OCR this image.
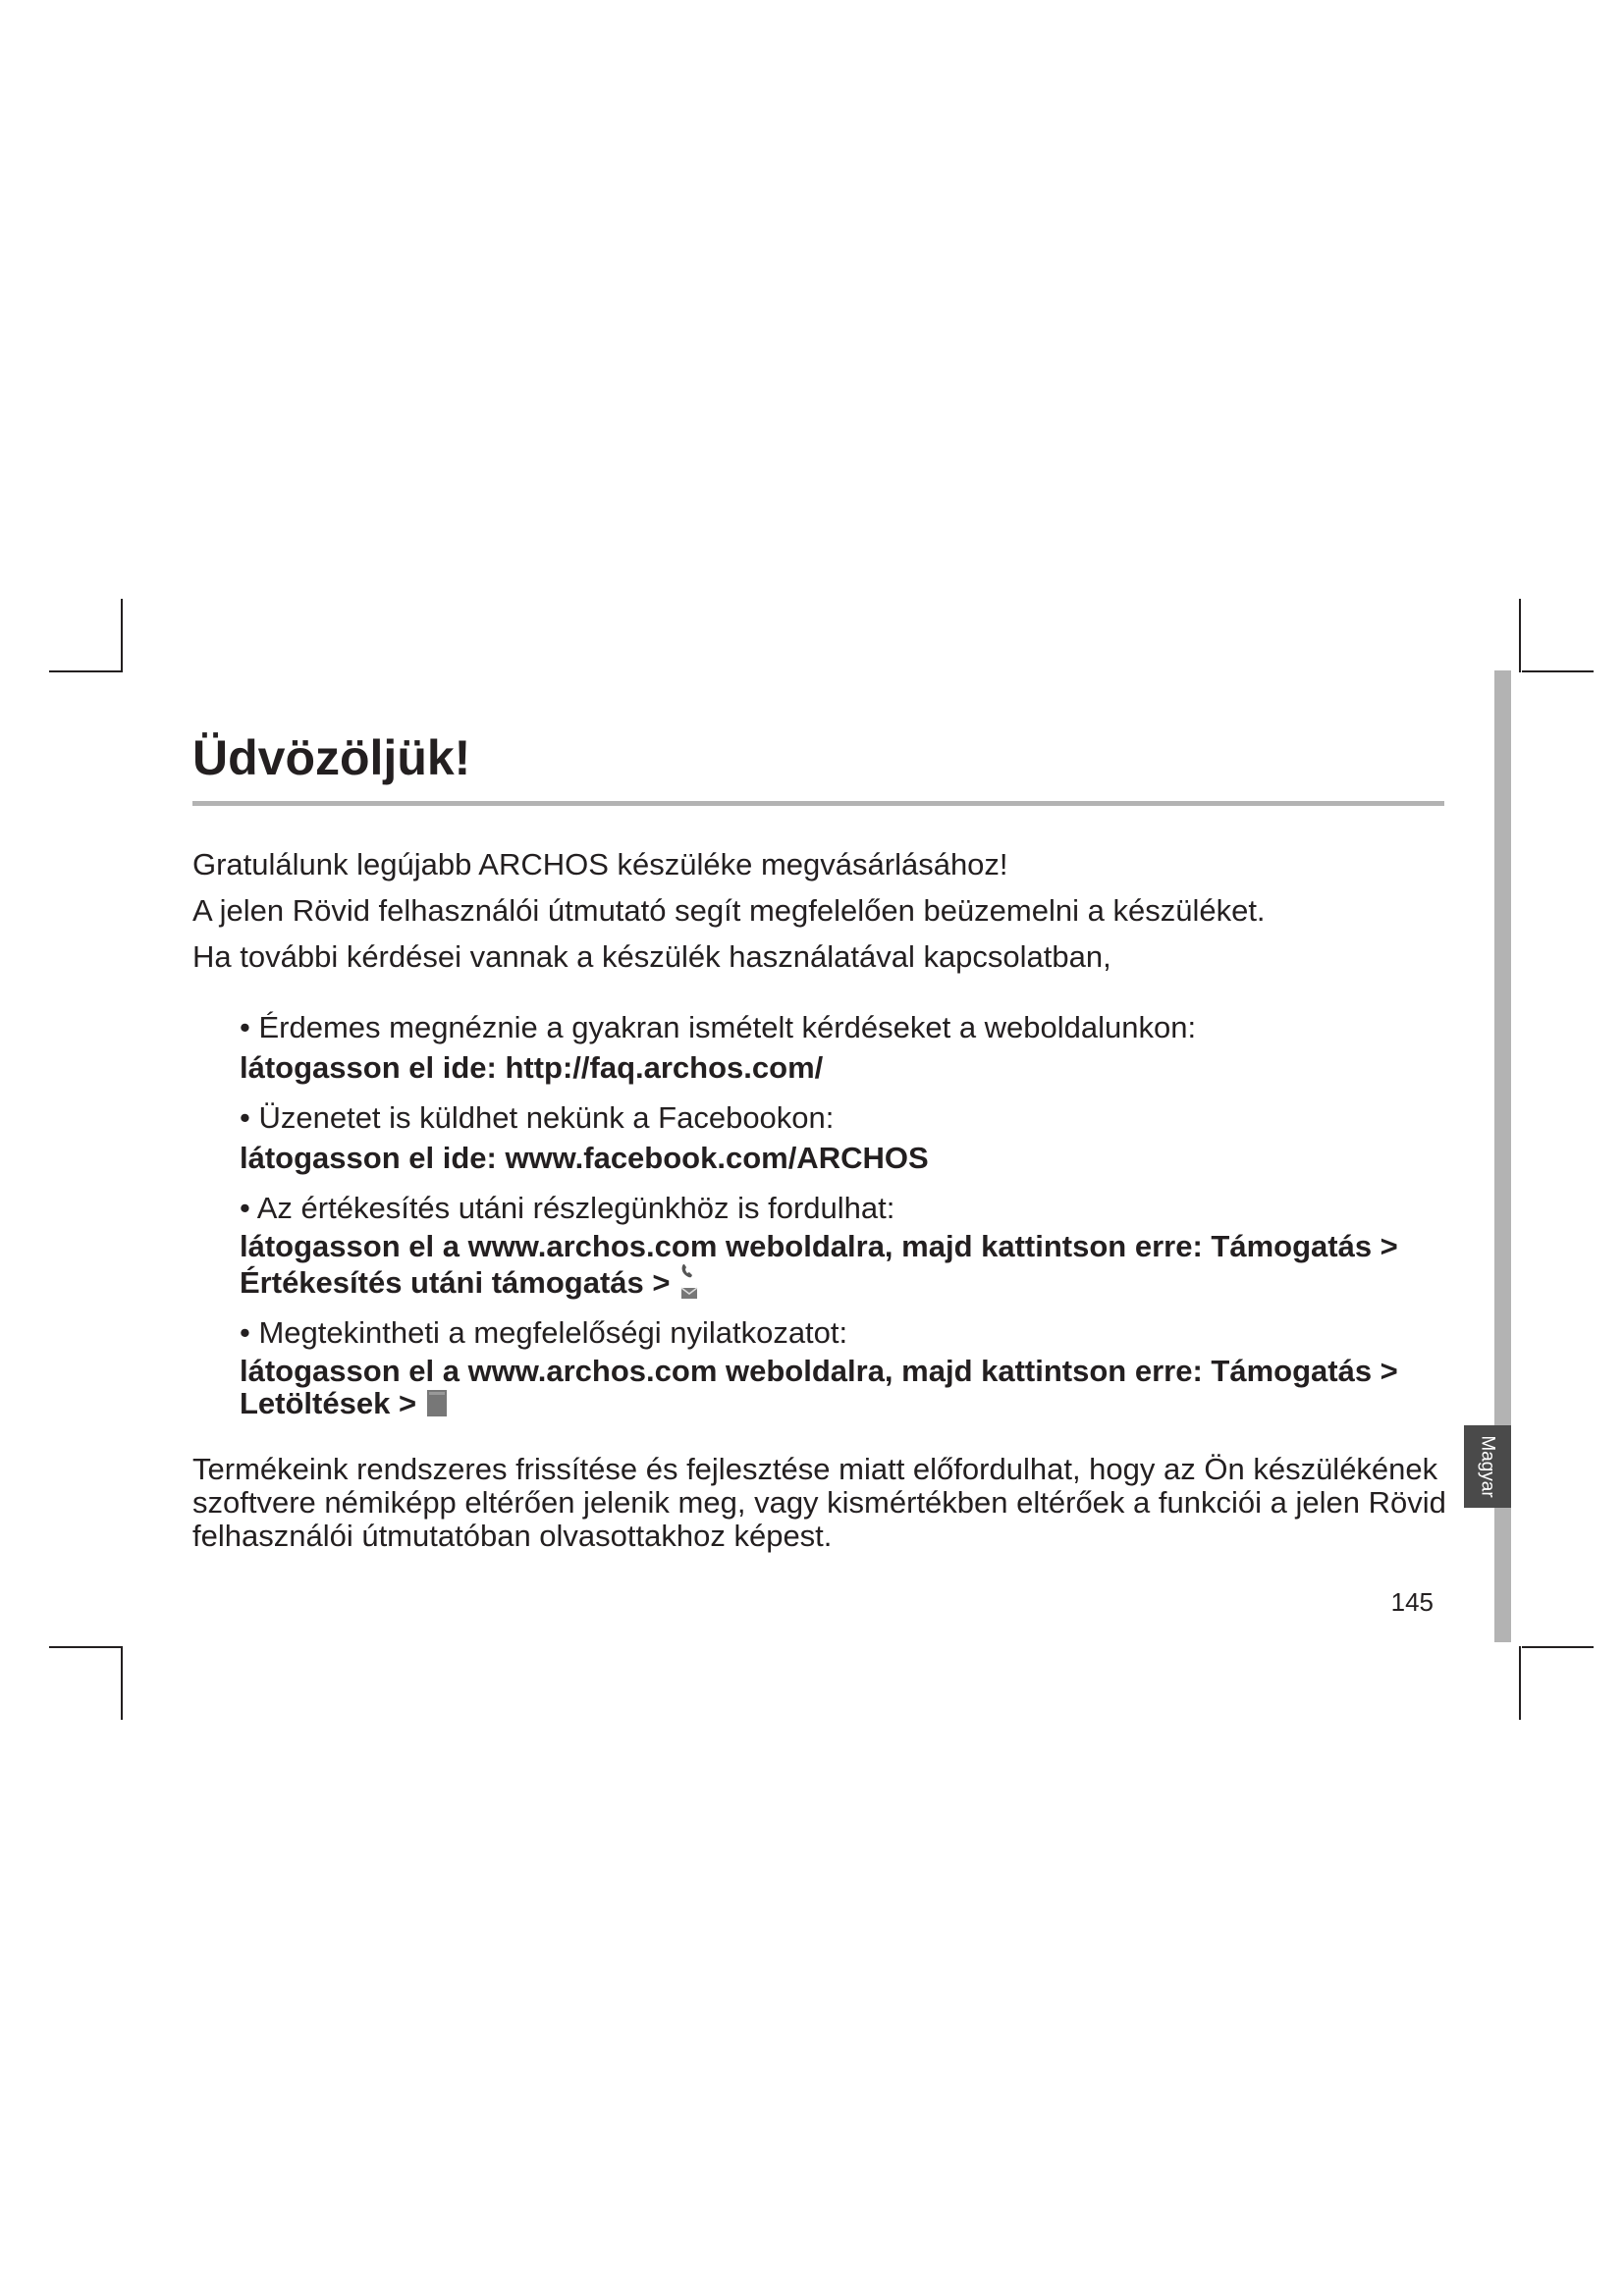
Magyar
Üdvözöljük!

Gratulálunk legújabb ARCHOS készüléke megvásárlásához!

A jelen Rövid felhasználói útmutató segít megfelelően beüzemelni a készüléket.

Ha további kérdései vannak a készülék használatával kapcsolatban,

• Érdemes megnéznie a gyakran ismételt kérdéseket a weboldalunkon:

látogasson el ide: http://faq.archos.com/

• Üzenetet is küldhet nekünk a Facebookon:

látogasson el ide: www.facebook.com/ARCHOS

• Az értékesítés utáni részlegünkhöz is fordulhat:

látogasson el a www.archos.com weboldalra, majd kattintson erre: Támogatás > Értékesítés utáni támogatás >

• Megtekintheti a megfelelőségi nyilatkozatot:

látogasson el a www.archos.com weboldalra, majd kattintson erre: Támogatás > Letöltések >

Termékeink rendszeres frissítése és fejlesztése miatt előfordulhat, hogy az Ön készülékének szoftvere némiképp eltérően jelenik meg, vagy kismértékben eltérőek a funkciói a jelen Rövid felhasználói útmutatóban olvasottakhoz képest.

145
